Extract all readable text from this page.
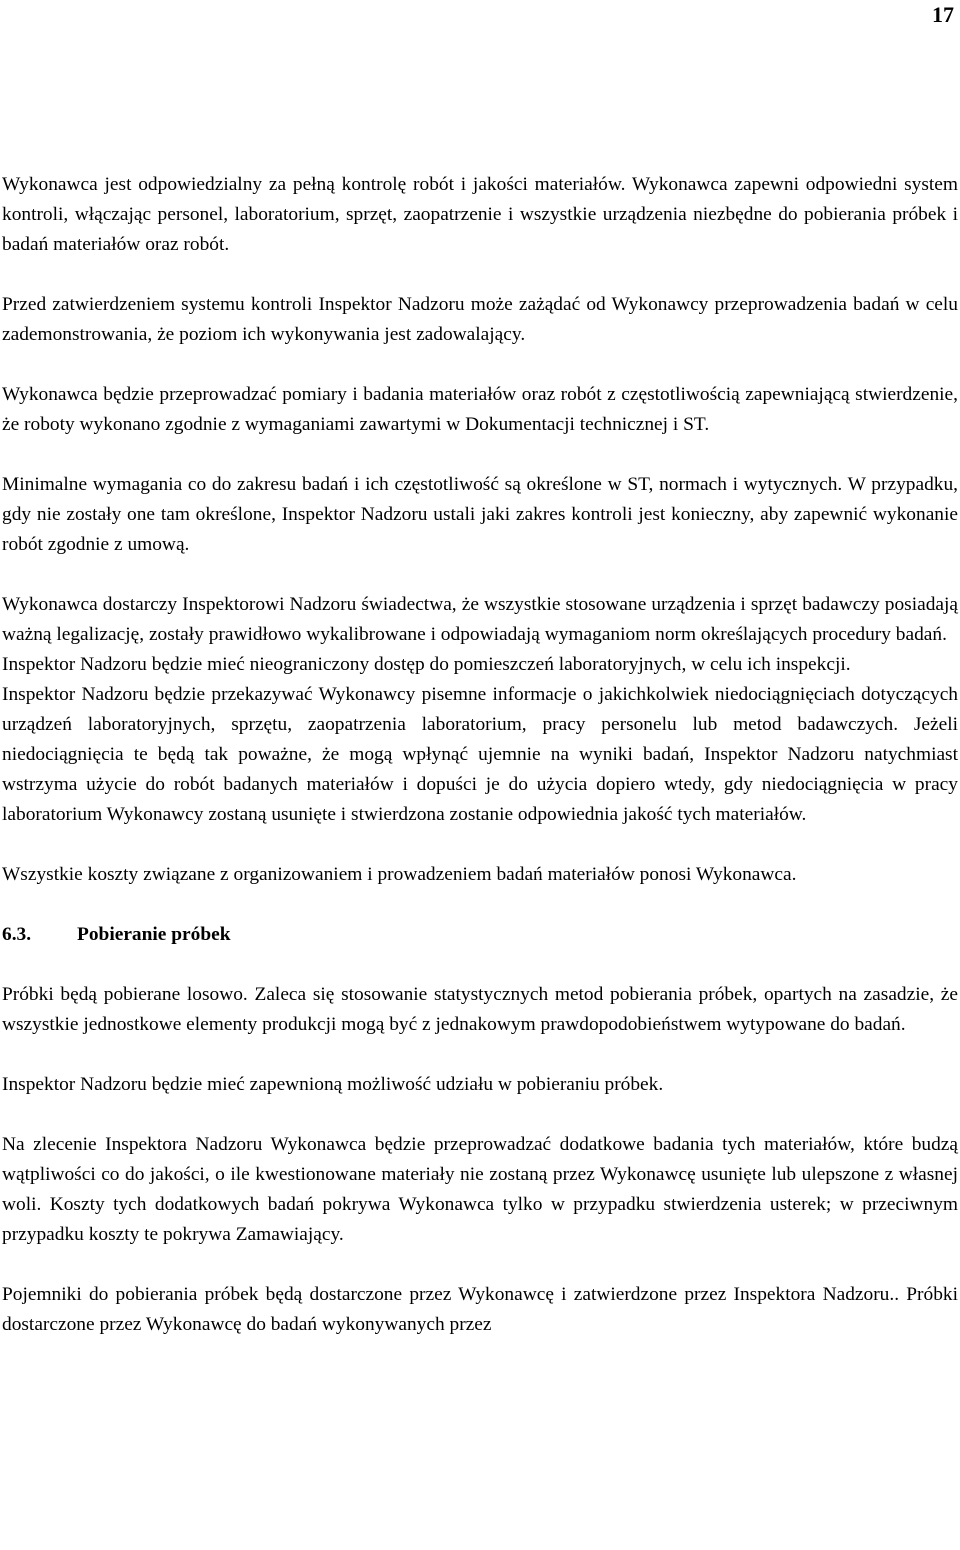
17

Wykonawca jest odpowiedzialny za pełną kontrolę robót i jakości materiałów. Wykonawca zapewni odpowiedni system kontroli, włączając personel, laboratorium, sprzęt, zaopatrzenie i wszystkie urządzenia niezbędne do pobierania próbek i badań materiałów oraz robót.

Przed zatwierdzeniem systemu kontroli Inspektor Nadzoru może zażądać od Wykonawcy przeprowadzenia badań w celu zademonstrowania, że poziom ich wykonywania jest zadowalający.

Wykonawca będzie przeprowadzać pomiary i badania materiałów oraz robót z częstotliwością zapewniającą stwierdzenie, że roboty wykonano zgodnie z wymaganiami zawartymi w Dokumentacji technicznej i ST.

Minimalne wymagania co do zakresu badań i ich częstotliwość są określone w ST, normach i wytycznych. W przypadku, gdy nie zostały one tam określone, Inspektor Nadzoru ustali jaki zakres kontroli jest konieczny, aby zapewnić wykonanie robót zgodnie z umową.

Wykonawca dostarczy Inspektorowi Nadzoru świadectwa, że wszystkie stosowane urządzenia i sprzęt badawczy posiadają ważną legalizację, zostały prawidłowo wykalibrowane i odpowiadają wymaganiom norm określających procedury badań.

Inspektor Nadzoru będzie mieć nieograniczony dostęp do pomieszczeń laboratoryjnych, w celu ich inspekcji.

Inspektor Nadzoru będzie przekazywać Wykonawcy pisemne informacje o jakichkolwiek niedociągnięciach dotyczących urządzeń laboratoryjnych, sprzętu, zaopatrzenia laboratorium, pracy personelu lub metod badawczych. Jeżeli niedociągnięcia te będą tak poważne, że mogą wpłynąć ujemnie na wyniki badań, Inspektor Nadzoru natychmiast wstrzyma użycie do robót badanych materiałów i dopuści je do użycia dopiero wtedy, gdy niedociągnięcia w pracy laboratorium Wykonawcy zostaną usunięte i stwierdzona zostanie odpowiednia jakość tych materiałów.

Wszystkie koszty związane z organizowaniem i prowadzeniem badań materiałów ponosi Wykonawca.

6.3.	Pobieranie próbek

Próbki będą pobierane losowo. Zaleca się stosowanie statystycznych metod pobierania próbek, opartych na zasadzie, że wszystkie jednostkowe elementy produkcji mogą być z jednakowym prawdopodobieństwem wytypowane do badań.

Inspektor Nadzoru będzie mieć zapewnioną możliwość udziału w pobieraniu próbek.

Na zlecenie Inspektora Nadzoru Wykonawca będzie przeprowadzać dodatkowe badania tych materiałów, które budzą wątpliwości co do jakości, o ile kwestionowane materiały nie zostaną przez Wykonawcę usunięte lub ulepszone z własnej woli. Koszty tych dodatkowych badań pokrywa Wykonawca tylko w przypadku stwierdzenia usterek; w przeciwnym przypadku koszty te pokrywa Zamawiający.

Pojemniki do pobierania próbek będą dostarczone przez Wykonawcę i zatwierdzone przez Inspektora Nadzoru.. Próbki dostarczone przez Wykonawcę do badań wykonywanych przez
